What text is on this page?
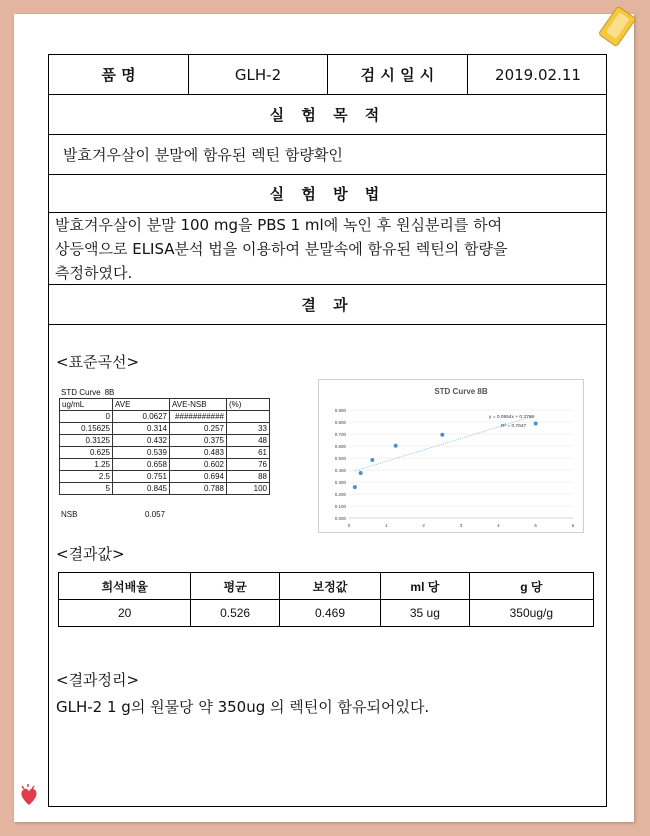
품 명	GLH-2	검 시 일 시	2019.02.11
실 험 목 적
발효겨우살이 분말에 함유된 렉틴 함량확인
실 험 방 법
발효겨우살이 분말 100 mg을 PBS 1 ml에 녹인 후 원심분리를 하여
상등액으로 ELISA분석 법을 이용하여 분말속에 함유된 렉틴의 함량을
측정하였다.
결 과
<표준곡선>
STD Curve	8B
ug/mL	AVE	AVE-NSB	(%)
0	0.0627	###########	
0.15625	0.314	0.257	33
0.3125	0.432	0.375	48
0.625	0.539	0.483	61
1.25	0.658	0.602	76
2.5	0.751	0.694	88
5	0.845	0.788	100
NSB	0.057
STD Curve 8B
0.000
0.100
0.200
0.300
0.400
0.500
0.600
0.700
0.800
0.900
0	1	2	3	4	5	6
y = 0.0954x + 0.3766
R² = 0.7647
<결과값>
희석배율	평균	보정값	ml 당	g 당
20	0.526	0.469	35 ug	350ug/g
<결과정리>
GLH-2 1 g의 원물당 약 350ug 의 렉틴이 함유되어있다.
